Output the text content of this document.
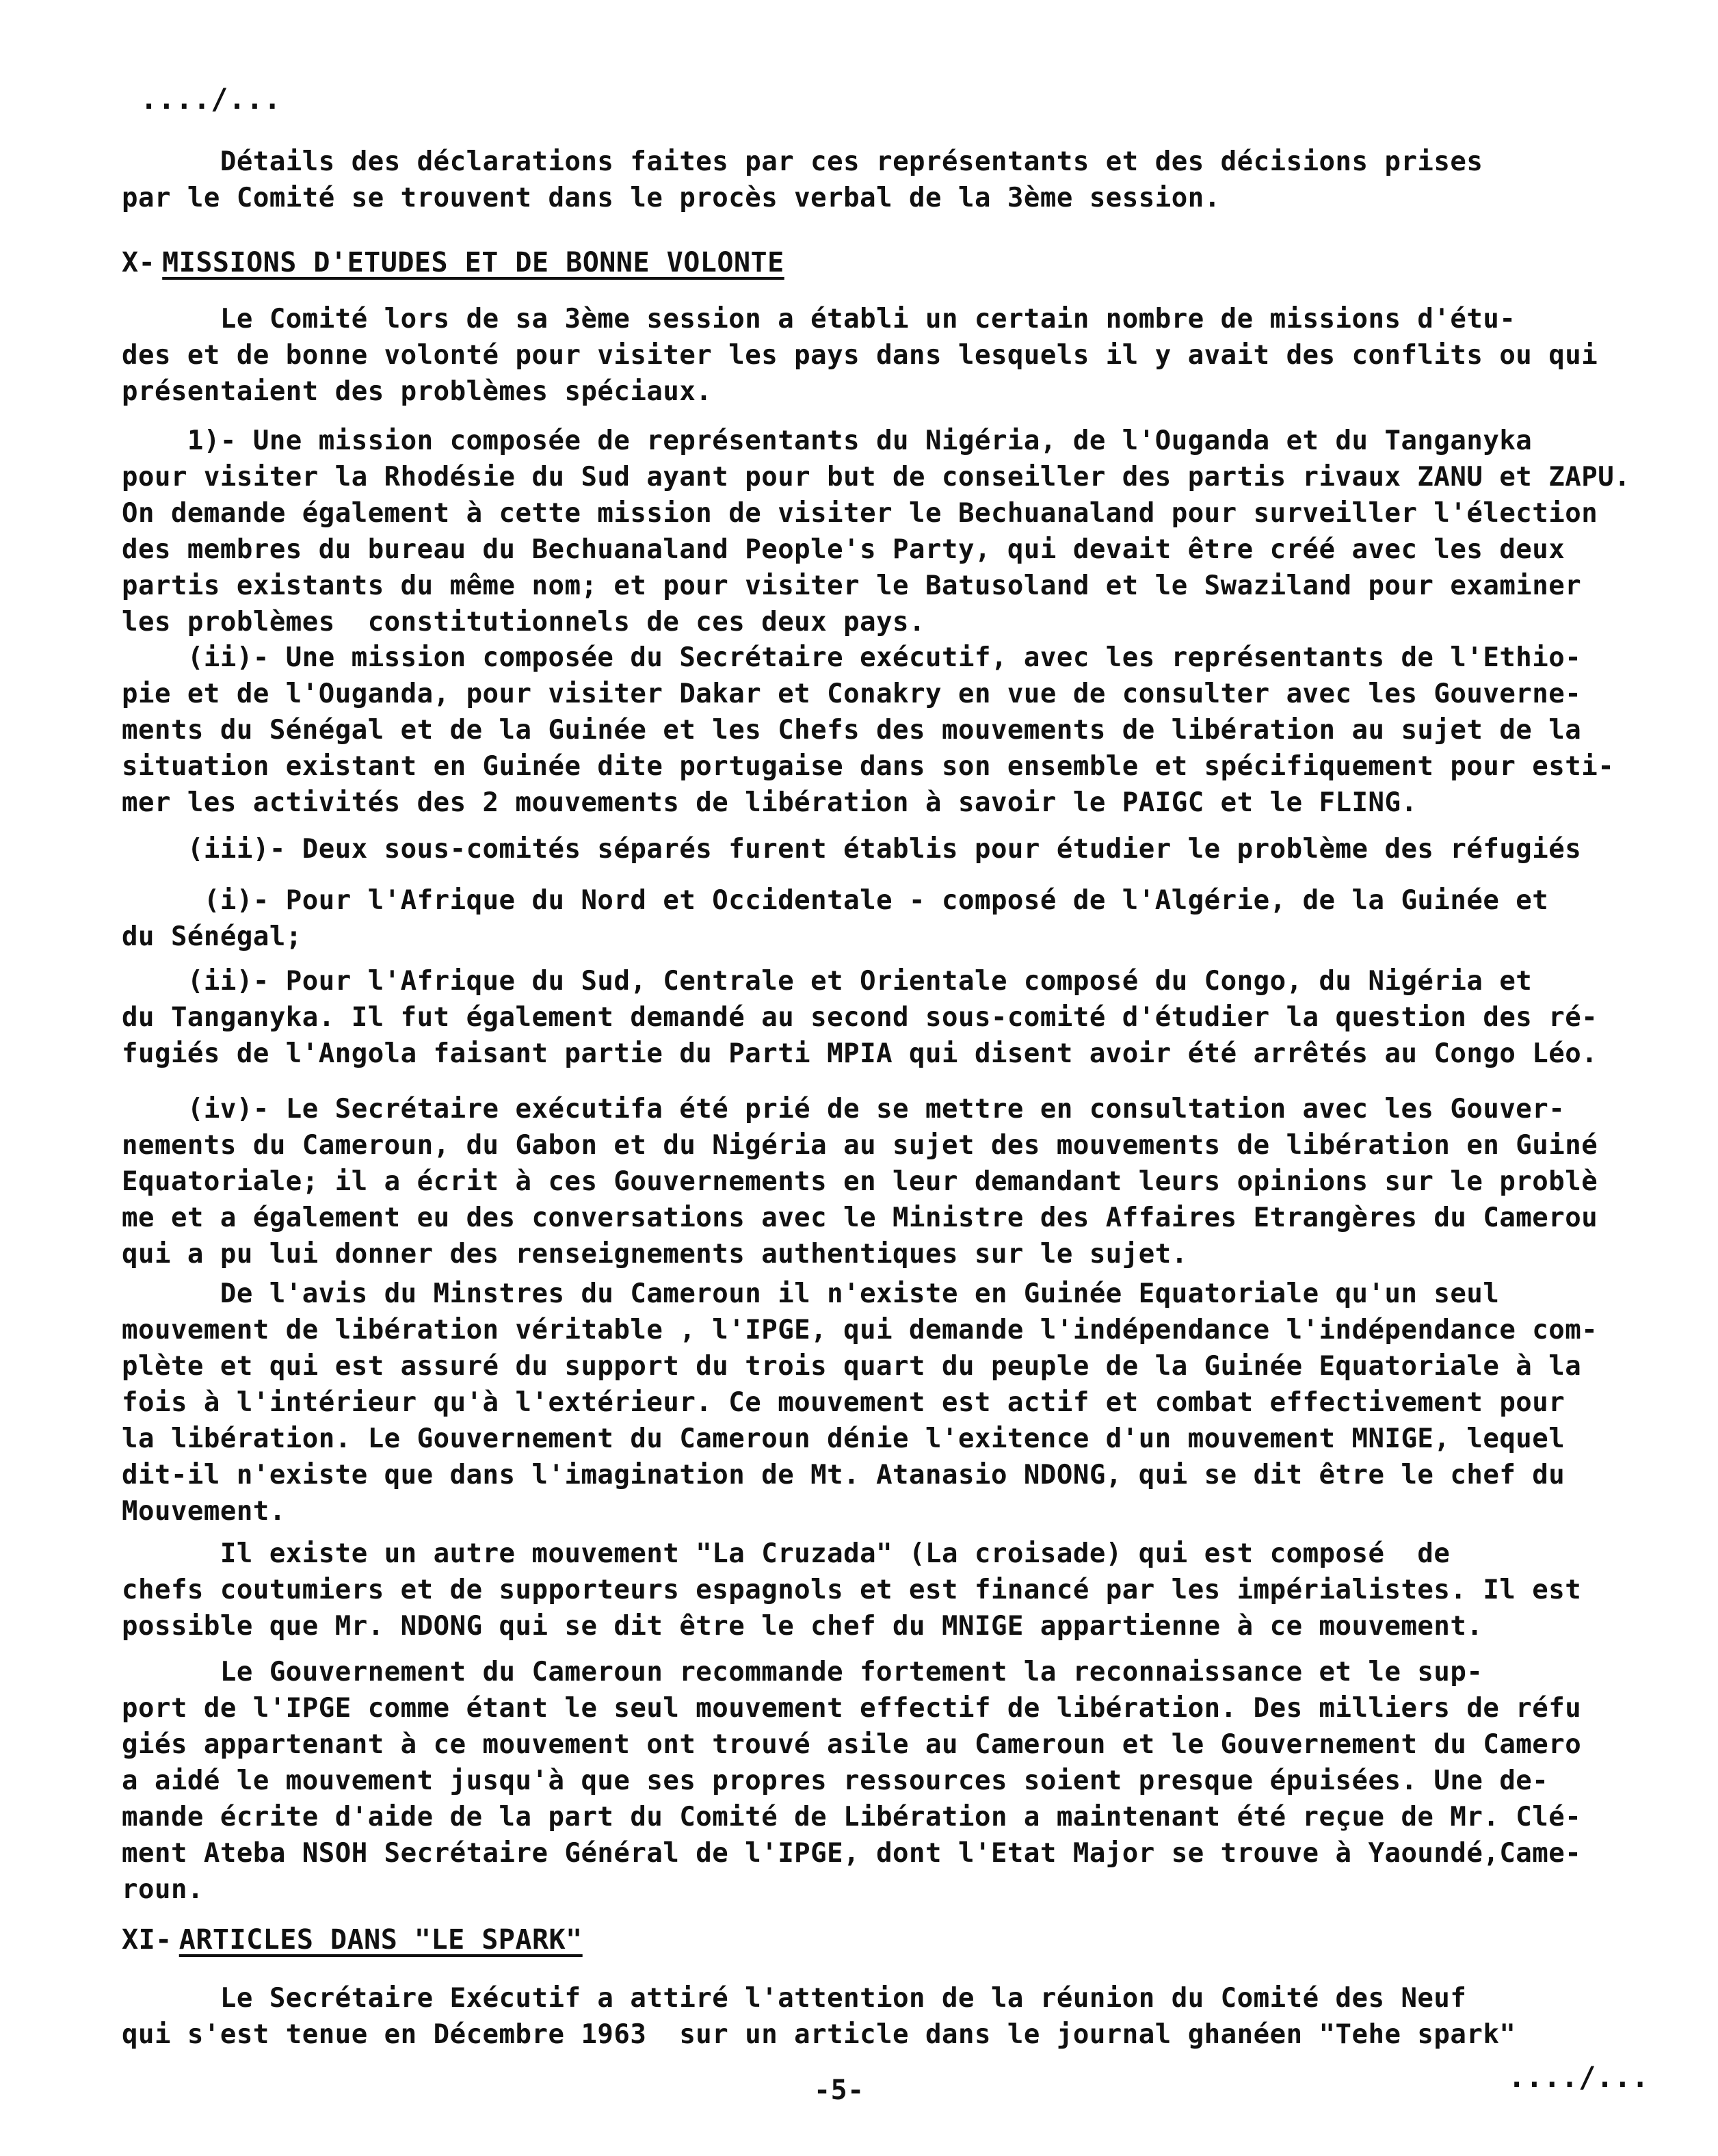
..../...

Détails des déclarations faites par ces représentants et des décisions prises
par le Comité se trouvent dans le procès verbal de la 3ème session.

X- MISSIONS D'ETUDES ET DE BONNE VOLONTE

Le Comité lors de sa 3ème session a établi un certain nombre de missions d'étu-
des et de bonne volonté pour visiter les pays dans lesquels il y avait des conflits ou qui
présentaient des problèmes spéciaux.

1)- Une mission composée de représentants du Nigéria, de l'Ouganda et du Tanganyka
pour visiter la Rhodésie du Sud ayant pour but de conseiller des partis rivaux ZANU et ZAPU.
On demande également à cette mission de visiter le Bechuanaland pour surveiller l'élection
des membres du bureau du Bechuanaland People's Party, qui devait être créé avec les deux
partis existants du même nom; et pour visiter le Batusoland et le Swaziland pour examiner
les problèmes  constitutionnels de ces deux pays.

(ii)- Une mission composée du Secrétaire exécutif, avec les représentants de l'Ethio-
pie et de l'Ouganda, pour visiter Dakar et Conakry en vue de consulter avec les Gouverne-
ments du Sénégal et de la Guinée et les Chefs des mouvements de libération au sujet de la
situation existant en Guinée dite portugaise dans son ensemble et spécifiquement pour esti-
mer les activités des 2 mouvements de libération à savoir le PAIGC et le FLING.

(iii)- Deux sous-comités séparés furent établis pour étudier le problème des réfugiés

(i)- Pour l'Afrique du Nord et Occidentale - composé de l'Algérie, de la Guinée et
du Sénégal;

(ii)- Pour l'Afrique du Sud, Centrale et Orientale composé du Congo, du Nigéria et
du Tanganyka. Il fut également demandé au second sous-comité d'étudier la question des ré-
fugiés de l'Angola faisant partie du Parti MPIA qui disent avoir été arrêtés au Congo Léo.

(iv)- Le Secrétaire exécutifa été prié de se mettre en consultation avec les Gouver-
nements du Cameroun, du Gabon et du Nigéria au sujet des mouvements de libération en Guiné
Equatoriale; il a écrit à ces Gouvernements en leur demandant leurs opinions sur le problè
me et a également eu des conversations avec le Ministre des Affaires Etrangères du Camerou
qui a pu lui donner des renseignements authentiques sur le sujet.

De l'avis du Minstres du Cameroun il n'existe en Guinée Equatoriale qu'un seul
mouvement de libération véritable , l'IPGE, qui demande l'indépendance l'indépendance com-
plète et qui est assuré du support du trois quart du peuple de la Guinée Equatoriale à la
fois à l'intérieur qu'à l'extérieur. Ce mouvement est actif et combat effectivement pour
la libération. Le Gouvernement du Cameroun dénie l'exitence d'un mouvement MNIGE, lequel
dit-il n'existe que dans l'imagination de Mt. Atanasio NDONG, qui se dit être le chef du
Mouvement.

Il existe un autre mouvement "La Cruzada" (La croisade) qui est composé  de
chefs coutumiers et de supporteurs espagnols et est financé par les impérialistes. Il est
possible que Mr. NDONG qui se dit être le chef du MNIGE appartienne à ce mouvement.

Le Gouvernement du Cameroun recommande fortement la reconnaissance et le sup-
port de l'IPGE comme étant le seul mouvement effectif de libération. Des milliers de réfu
giés appartenant à ce mouvement ont trouvé asile au Cameroun et le Gouvernement du Camero
a aidé le mouvement jusqu'à que ses propres ressources soient presque épuisées. Une de-
mande écrite d'aide de la part du Comité de Libération a maintenant été reçue de Mr. Clé-
ment Ateba NSOH Secrétaire Général de l'IPGE, dont l'Etat Major se trouve à Yaoundé,Came-
roun.

XI- ARTICLES DANS "LE SPARK"

Le Secrétaire Exécutif a attiré l'attention de la réunion du Comité des Neuf
qui s'est tenue en Décembre 1963  sur un article dans le journal ghanéen "Tehe spark"

..../...
-5-
